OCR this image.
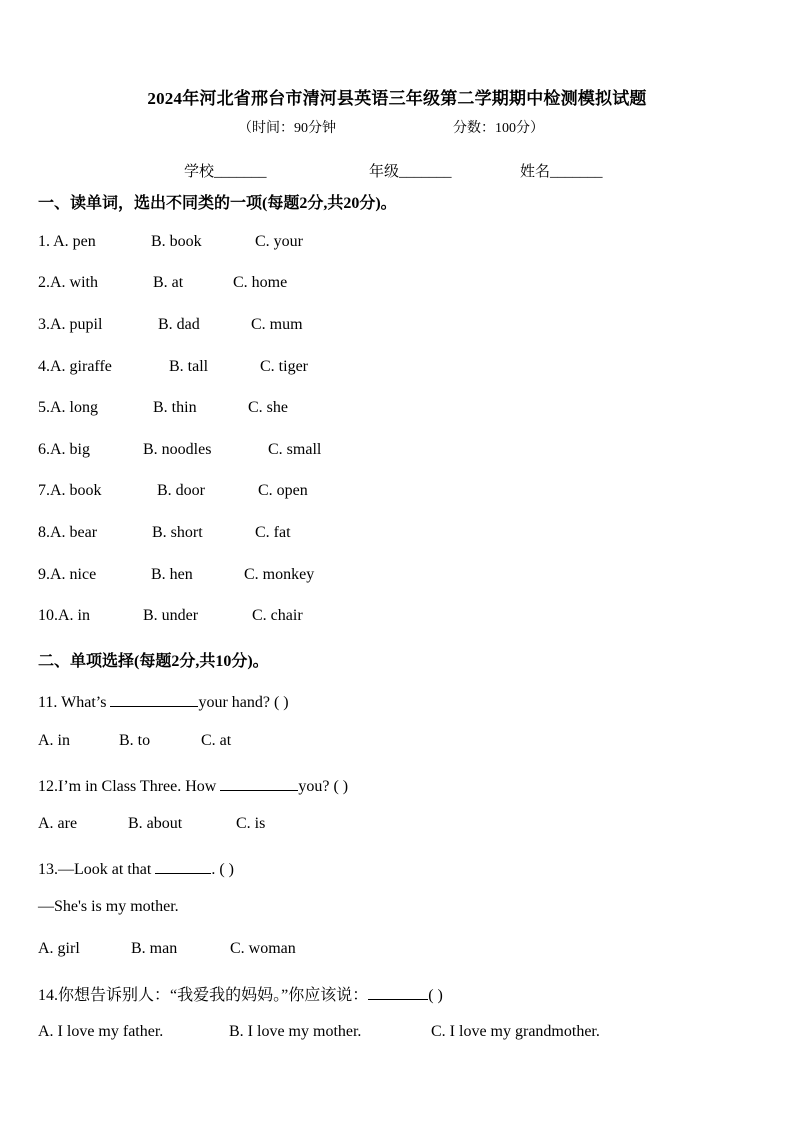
2024年河北省邢台市清河县英语三年级第二学期期中检测模拟试题
（时间：90分钟	分数：100分）
学校_______	年级_______	姓名_______
一、读单词，选出不同类的一项(每题2分,共20分)。
1. A. pen	B. book	C. your
2.A. with	B. at	C. home
3.A. pupil	B. dad	C. mum
4.A. giraffe	B. tall	C. tiger
5.A. long	B. thin	C. she
6.A. big	B. noodles	C. small
7.A. book	B. door	C. open
8.A. bear	B. short	C. fat
9.A. nice	B. hen	C. monkey
10.A. in	B. under	C. chair
二、单项选择(每题2分,共10分)。
11. What’s	your hand? ( )
A. in	B. to	C. at
12.I’m in Class Three. How	you? ( )
A. are	B. about	C. is
13.—Look at that	. ( )
—She's is my mother.
A. girl	B. man	C. woman
14.你想告诉别人：“我爱我的妈妈。”你应该说：	( )
A. I love my father.	B. I love my mother.	C. I love my grandmother.
